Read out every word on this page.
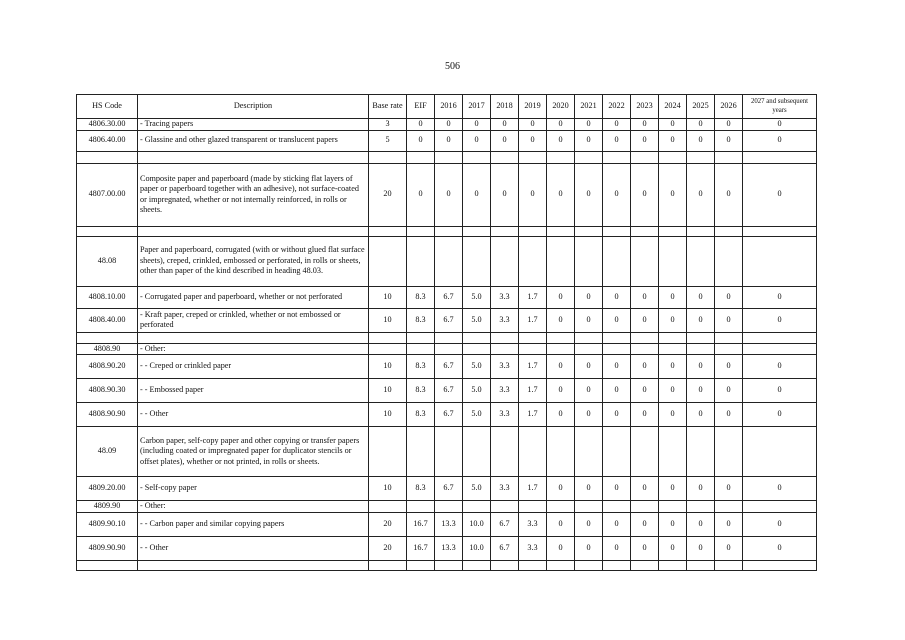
506
HS Code	Description	Base rate	EIF	2016	2017	2018	2019	2020	2021	2022	2023	2024	2025	2026	2027 and subsequent years
4806.30.00	- Tracing papers	3	0	0	0	0	0	0	0	0	0	0	0	0	0
4806.40.00	- Glassine and other glazed transparent or translucent papers	5	0	0	0	0	0	0	0	0	0	0	0	0	0

4807.00.00	Composite paper and paperboard (made by sticking flat layers of paper or paperboard together with an adhesive), not surface-coated or impregnated, whether or not internally reinforced, in rolls or sheets.	20	0	0	0	0	0	0	0	0	0	0	0	0	0

48.08	Paper and paperboard, corrugated (with or without glued flat surface sheets), creped, crinkled, embossed or perforated, in rolls or sheets, other than paper of the kind described in heading 48.03.														
4808.10.00	- Corrugated paper and paperboard, whether or not perforated	10	8.3	6.7	5.0	3.3	1.7	0	0	0	0	0	0	0	0
4808.40.00	- Kraft paper, creped or crinkled, whether or not embossed or perforated	10	8.3	6.7	5.0	3.3	1.7	0	0	0	0	0	0	0	0

4808.90	- Other:														
4808.90.20	- - Creped or crinkled paper	10	8.3	6.7	5.0	3.3	1.7	0	0	0	0	0	0	0	0
4808.90.30	- - Embossed paper	10	8.3	6.7	5.0	3.3	1.7	0	0	0	0	0	0	0	0
4808.90.90	- - Other	10	8.3	6.7	5.0	3.3	1.7	0	0	0	0	0	0	0	0
48.09	Carbon paper, self-copy paper and other copying or transfer papers (including coated or impregnated paper for duplicator stencils or offset plates), whether or not printed, in rolls or sheets.														
4809.20.00	- Self-copy paper	10	8.3	6.7	5.0	3.3	1.7	0	0	0	0	0	0	0	0
4809.90	- Other:														
4809.90.10	- - Carbon paper and similar copying papers	20	16.7	13.3	10.0	6.7	3.3	0	0	0	0	0	0	0	0
4809.90.90	- - Other	20	16.7	13.3	10.0	6.7	3.3	0	0	0	0	0	0	0	0
